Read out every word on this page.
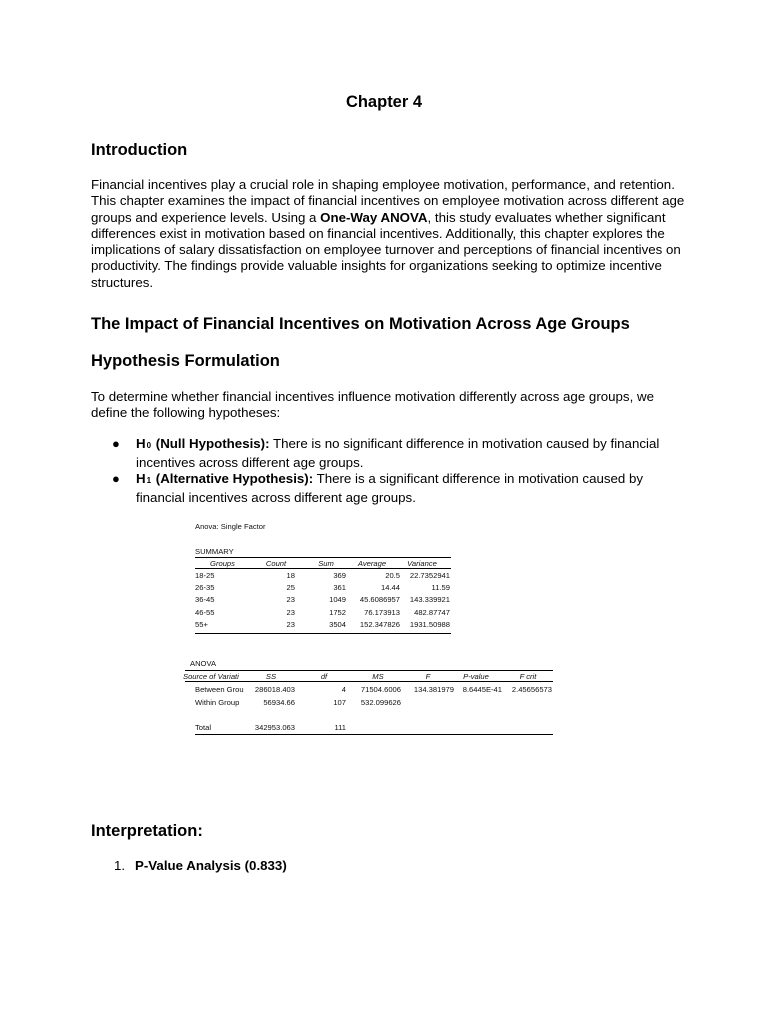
Chapter 4
Introduction

Financial incentives play a crucial role in shaping employee motivation, performance, and retention. This chapter examines the impact of financial incentives on employee motivation across different age groups and experience levels. Using a One-Way ANOVA, this study evaluates whether significant differences exist in motivation based on financial incentives. Additionally, this chapter explores the implications of salary dissatisfaction on employee turnover and perceptions of financial incentives on productivity. The findings provide valuable insights for organizations seeking to optimize incentive structures.

The Impact of Financial Incentives on Motivation Across Age Groups
Hypothesis Formulation

To determine whether financial incentives influence motivation differently across age groups, we define the following hypotheses:

● H0 (Null Hypothesis): There is no significant difference in motivation caused by financial incentives across different age groups.
● H1 (Alternative Hypothesis): There is a significant difference in motivation caused by financial incentives across different age groups.
Anova: Single Factor
SUMMARY
ANOVA
Groups	Count	Sum	Average	Variance
18-25	18	369	20.5	22.7352941
26-35	25	361	14.44	11.59
36-45	23	1049	45.6086957	143.339921
46-55	23	1752	76.173913	482.87747
55+	23	3504	152.347826	1931.50988
Source of Variati	SS	df	MS	F	P-value	F crit
Between Grou	286018.403	4	71504.6006	134.381979	8.6445E-41	2.45656573
Within Group	56934.66	107	532.099626
Total	342953.063	111
Interpretation:
1. P-Value Analysis (0.833)
